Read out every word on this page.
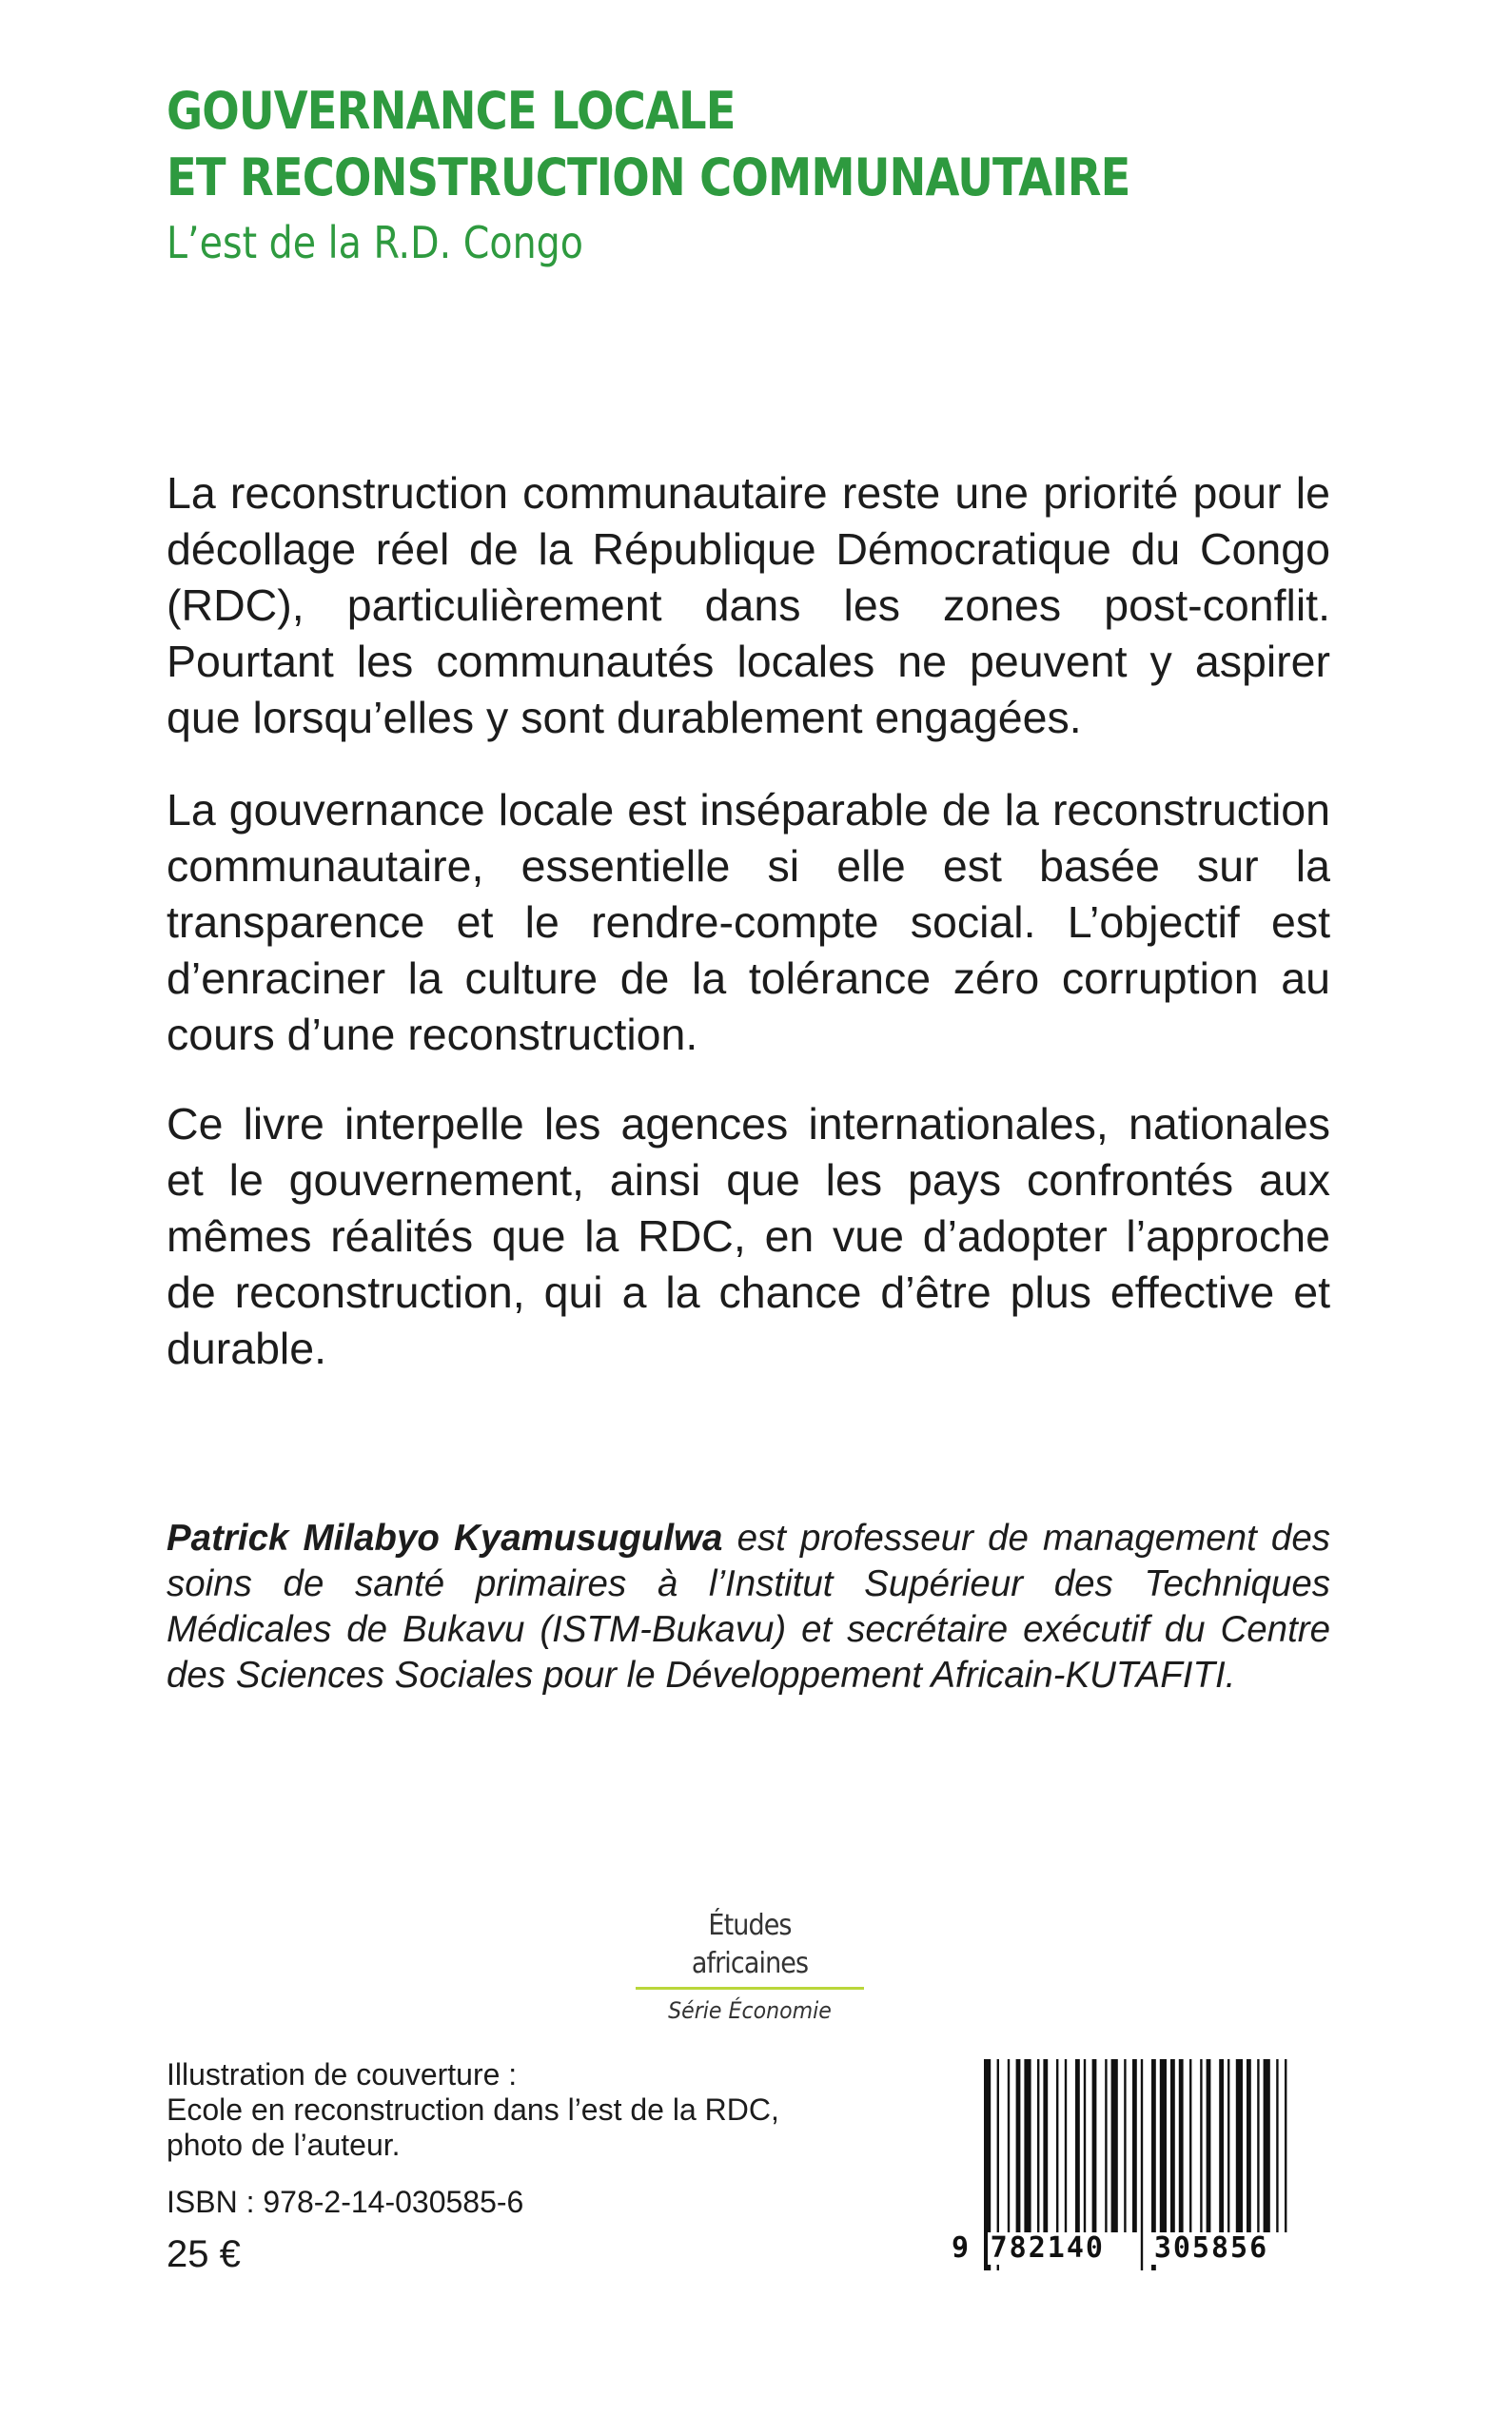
GOUVERNANCE LOCALE
ET RECONSTRUCTION COMMUNAUTAIRE
L’est de la R.D. Congo

La reconstruction communautaire reste une priorité pour le décollage réel de la République Démocratique du Congo (RDC), particulièrement dans les zones post-conflit. Pourtant les communautés locales ne peuvent y aspirer que lorsqu’elles y sont durablement engagées.

La gouvernance locale est inséparable de la reconstruction communautaire, essentielle si elle est basée sur la transparence et le rendre-compte social. L’objectif est d’enraciner la culture de la tolérance zéro corruption au cours d’une reconstruction.

Ce livre interpelle les agences internationales, nationales et le gouvernement, ainsi que les pays confrontés aux mêmes réalités que la RDC, en vue d’adopter l’approche de reconstruction, qui a la chance d’être plus effective et durable.

Patrick Milabyo Kyamusugulwa est professeur de management des soins de santé primaires à l’Institut Supérieur des Techniques Médicales de Bukavu (ISTM-Bukavu) et secrétaire exécutif du Centre des Sciences Sociales pour le Développement Africain-KUTAFITI.

Études africaines
Série Économie
Illustration de couverture :
Ecole en reconstruction dans l’est de la RDC,
photo de l’auteur.
ISBN : 978-2-14-030585-6
25 €	9 782140	305856
